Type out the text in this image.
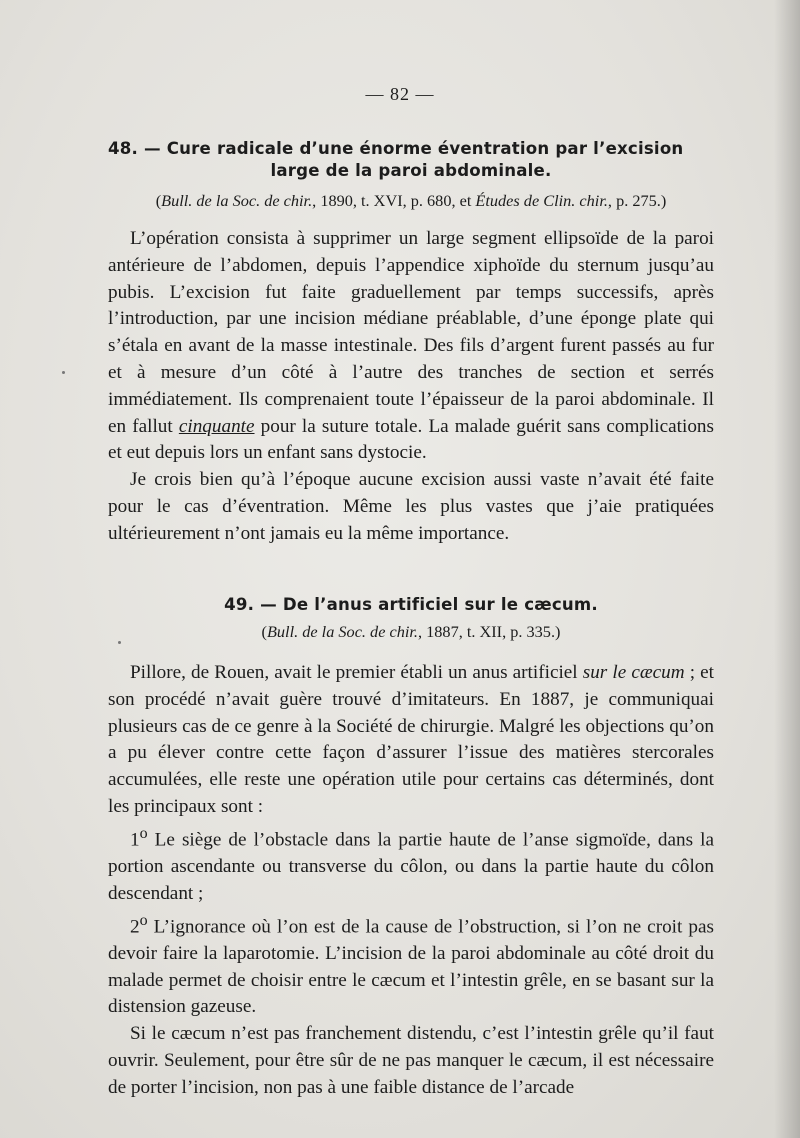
— 82 —
48. — Cure radicale d’une énorme éventration par l’excision
large de la paroi abdominale.
(Bull. de la Soc. de chir., 1890, t. XVI, p. 680, et Études de Clin. chir., p. 275.)

L’opération consista à supprimer un large segment ellipsoïde de la paroi antérieure de l’abdomen, depuis l’appendice xiphoïde du sternum jusqu’au pubis. L’excision fut faite graduellement par temps successifs, après l’introduction, par une incision médiane préablable, d’une éponge plate qui s’étala en avant de la masse intestinale. Des fils d’argent furent passés au fur et à mesure d’un côté à l’autre des tranches de section et serrés immédiatement. Ils comprenaient toute l’épaisseur de la paroi abdominale. Il en fallut cinquante pour la suture totale. La malade guérit sans complications et eut depuis lors un enfant sans dystocie.

Je crois bien qu’à l’époque aucune excision aussi vaste n’avait été faite pour le cas d’éventration. Même les plus vastes que j’aie pratiquées ultérieurement n’ont jamais eu la même importance.

49. — De l’anus artificiel sur le cæcum.
(Bull. de la Soc. de chir., 1887, t. XII, p. 335.)

Pillore, de Rouen, avait le premier établi un anus artificiel sur le cæcum ; et son procédé n’avait guère trouvé d’imitateurs. En 1887, je communiquai plusieurs cas de ce genre à la Société de chirurgie. Malgré les objections qu’on a pu élever contre cette façon d’assurer l’issue des matières stercorales accumulées, elle reste une opération utile pour certains cas déterminés, dont les principaux sont :

1$^o$ Le siège de l’obstacle dans la partie haute de l’anse sigmoïde, dans la portion ascendante ou transverse du côlon, ou dans la partie haute du côlon descendant ;

2$^o$ L’ignorance où l’on est de la cause de l’obstruction, si l’on ne croit pas devoir faire la laparotomie. L’incision de la paroi abdominale au côté droit du malade permet de choisir entre le cæcum et l’intestin grêle, en se basant sur la distension gazeuse.

Si le cæcum n’est pas franchement distendu, c’est l’intestin grêle qu’il faut ouvrir. Seulement, pour être sûr de ne pas manquer le cæcum, il est nécessaire de porter l’incision, non pas à une faible distance de l’arcade
